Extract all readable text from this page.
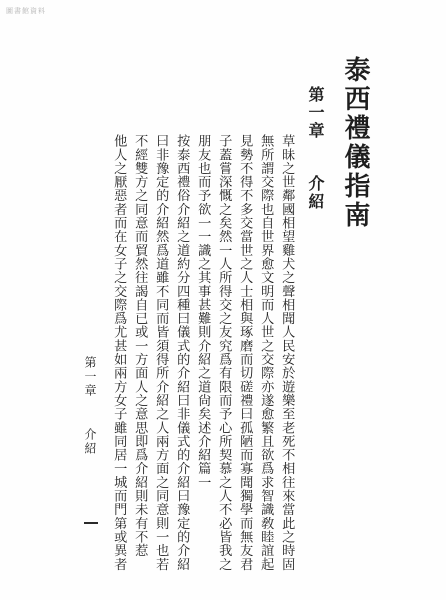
圖書館資料
泰西禮儀指南
第一章 介紹
草昧之世鄰國相望雞犬之聲相聞人民安於遊樂至老死不相往來當此之時固
無所謂交際也自世界愈文明而人世之交際亦遂愈繁且欲爲求智識敎睦誼起
見勢不得不多交當世之人士相與琢磨而切磋禮曰孤陋而寡聞獨學而無友君
子蓋嘗深慨之矣然一人所得交之友究爲有限而予心所契慕之人不必皆我之
朋友也而予欲一一識之其事甚難則介紹之道尙矣述介紹篇一
按泰西禮俗介紹之道約分四種曰儀式的介紹曰非儀式的介紹曰豫定的介紹
曰非豫定的介紹然爲道雖不同而皆須得所介紹之人兩方面之同意則一也若
不經雙方之同意而貿然往謁自已或一方面人之意思即爲介紹則未有不惹
他人之厭惡者而在女子之交際爲尤甚如兩方女子雖同居一城而門第或異者
第一章 介紹
